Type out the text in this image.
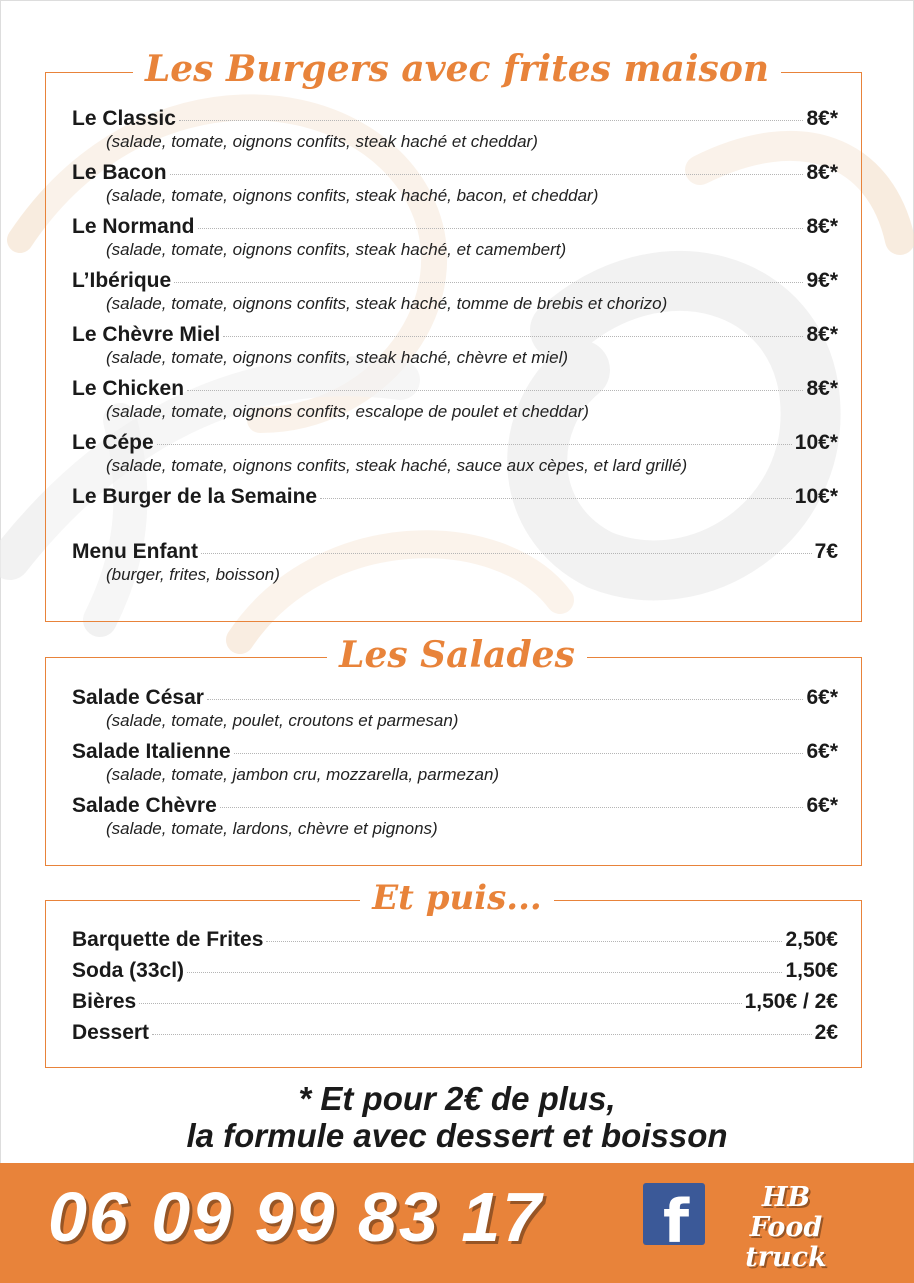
Les Burgers avec frites maison
Le Classic	8€*
(salade, tomate, oignons confits, steak haché et cheddar)
Le Bacon	8€*
(salade, tomate, oignons confits, steak haché, bacon, et cheddar)
Le Normand	8€*
(salade, tomate, oignons confits, steak haché, et camembert)
L’Ibérique	9€*
(salade, tomate, oignons confits, steak haché, tomme de brebis et chorizo)
Le Chèvre Miel	8€*
(salade, tomate, oignons confits, steak haché, chèvre et miel)
Le Chicken	8€*
(salade, tomate, oignons confits, escalope de poulet et cheddar)
Le Cépe	10€*
(salade, tomate, oignons confits, steak haché, sauce aux cèpes, et lard grillé)
Le Burger de la Semaine	10€*
Menu Enfant	7€
(burger, frites, boisson)
Les Salades
Salade César	6€*
(salade, tomate, poulet, croutons et parmesan)
Salade Italienne	6€*
(salade, tomate, jambon cru, mozzarella, parmezan)
Salade Chèvre	6€*
(salade, tomate, lardons, chèvre et pignons)
Et puis...
Barquette de Frites	2,50€
Soda (33cl)	1,50€
Bières	1,50€ / 2€
Dessert	2€
* Et pour 2€ de plus,
la formule avec dessert et boisson
06 09 99 83 17 f	HB
Food truck
